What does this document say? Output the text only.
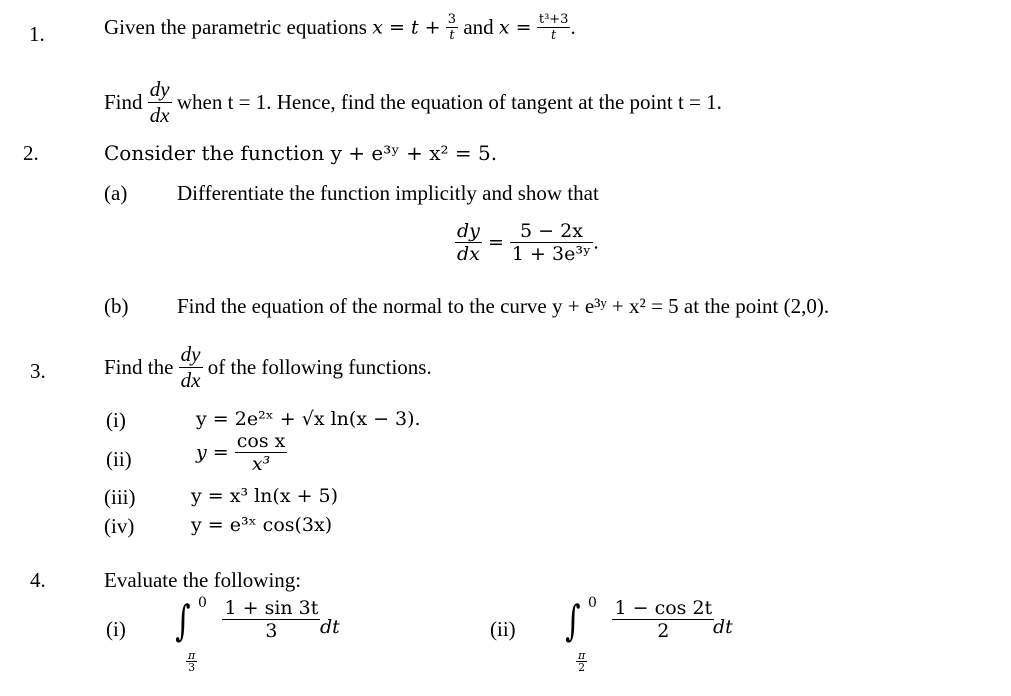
1.	Given the parametric equations $x = t + \frac{3}{t}$ and $x = \frac{\text{t³+3}}{t}$ .
Find $\frac{dy}{dx}$ when t = 1. Hence, find the equation of tangent at the point t = 1.
2.	Consider the function y + e³ʸ + x² = 5.
(a) Differentiate the function implicitly and show that
$\frac{dy}{dx} = \frac{5 - 2x}{\text{1 + 3e³ʸ}}$ .
(b) Find the equation of the normal to the curve y + e³ʸ + x² = 5 at the point (2,0).
3.	Find the $\frac{dy}{dx}$ of the following functions.
(i)	y = 2e²ˣ + √x ln(x − 3).
(ii)	$y = \frac{\text{cos x}}{\text{x³}}$
(iii)	y = x³ ln(x + 5)
(iv)	y = e³ˣ cos(3x)
4.	Evaluate the following:
(i) ∫ 0
$\frac{\pi}{3}$

$\frac{1 + \sin 3t}{3}$ dt	(ii) ∫ 0
$\frac{\pi}{2}$

$\frac{1 - \cos 2t}{2}$
dt
